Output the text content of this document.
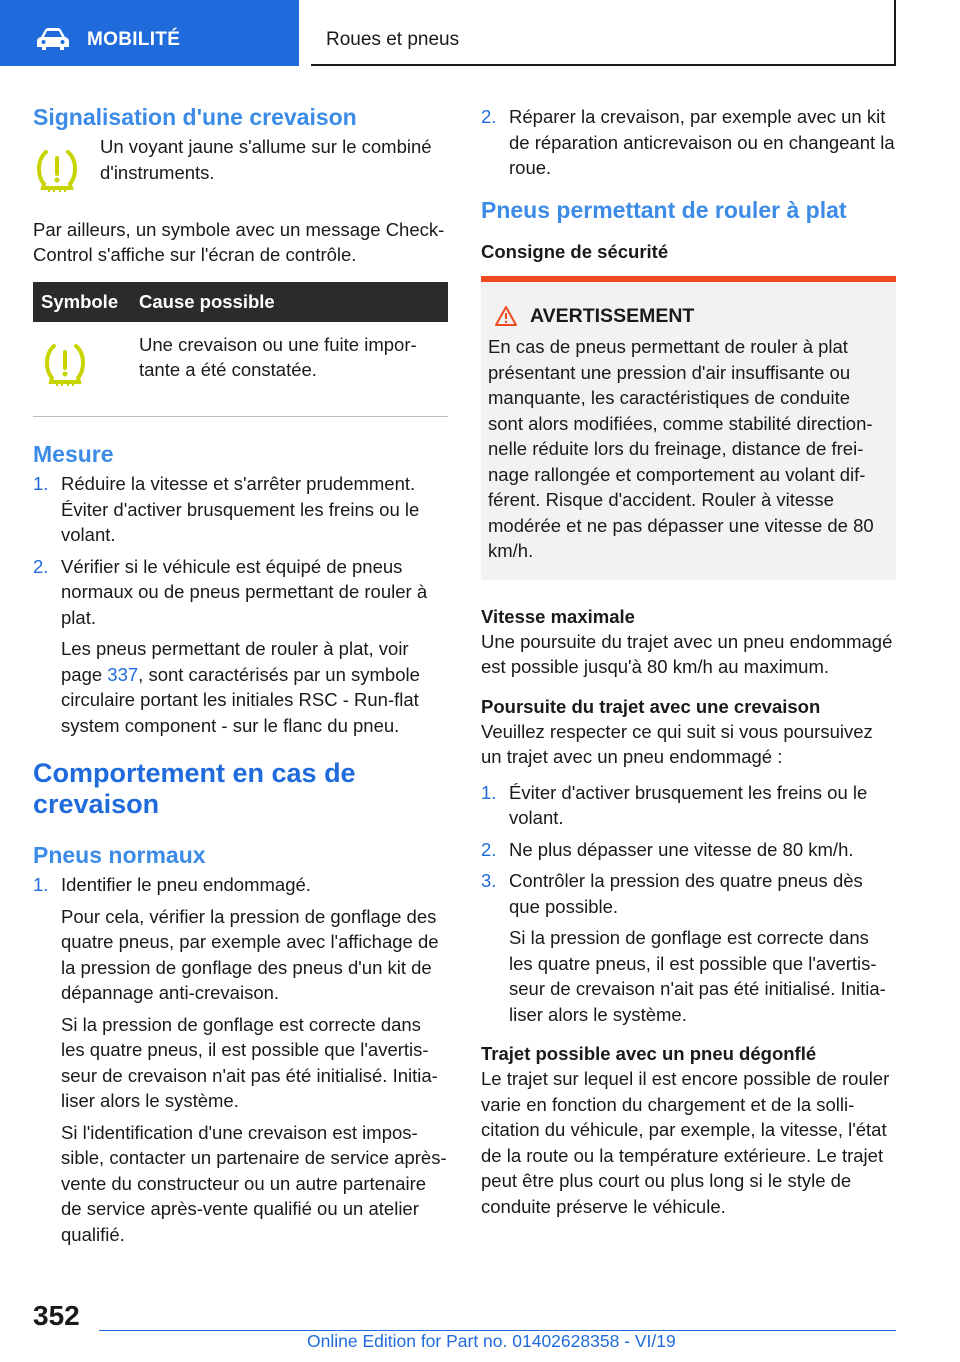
MOBILITÉ	Roues et pneus
Signalisation d'une crevaison

Un voyant jaune s'allume sur le combiné d'instruments.

Par ailleurs, un symbole avec un message Check-Control s'affiche sur l'écran de contrôle.

Symbole	Cause possible
	Une crevaison ou une fuite importante a été constatée.
Mesure
1. Réduire la vitesse et s'arrêter prudemment. Éviter d'activer brusquement les freins ou le volant.

2. Vérifier si le véhicule est équipé de pneus normaux ou de pneus permettant de rouler à plat.

Les pneus permettant de rouler à plat, voir page 337, sont caractérisés par un symbole circulaire portant les initiales RSC - Run-flat system component - sur le flanc du pneu.

Comportement en cas de crevaison
Pneus normaux
1. Identifier le pneu endommagé.

Pour cela, vérifier la pression de gonflage des quatre pneus, par exemple avec l'affichage de la pression de gonflage des pneus d'un kit de dépannage anti-crevaison.

Si la pression de gonflage est correcte dans les quatre pneus, il est possible que l'avertisseur de crevaison n'ait pas été initialisé. Initialiser alors le système.

Si l'identification d'une crevaison est impossible, contacter un partenaire de service après-vente du constructeur ou un autre partenaire de service après-vente qualifié ou un atelier qualifié.

2. Réparer la crevaison, par exemple avec un kit de réparation anticrevaison ou en changeant la roue.

Pneus permettant de rouler à plat
Consigne de sécurité
AVERTISSEMENT

En cas de pneus permettant de rouler à plat présentant une pression d'air insuffisante ou manquante, les caractéristiques de conduite sont alors modifiées, comme stabilité directionnelle réduite lors du freinage, distance de freinage rallongée et comportement au volant différent. Risque d'accident. Rouler à vitesse modérée et ne pas dépasser une vitesse de 80 km/h.

Vitesse maximale

Une poursuite du trajet avec un pneu endommagé est possible jusqu'à 80 km/h au maximum.

Poursuite du trajet avec une crevaison

Veuillez respecter ce qui suit si vous poursuivez un trajet avec un pneu endommagé :

1. Éviter d'activer brusquement les freins ou le volant.

2. Ne plus dépasser une vitesse de 80 km/h.

3. Contrôler la pression des quatre pneus dès que possible.

Si la pression de gonflage est correcte dans les quatre pneus, il est possible que l'avertisseur de crevaison n'ait pas été initialisé. Initialiser alors le système.

Trajet possible avec un pneu dégonflé

Le trajet sur lequel il est encore possible de rouler varie en fonction du chargement et de la sollicitation du véhicule, par exemple, la vitesse, l'état de la route ou la température extérieure. Le trajet peut être plus court ou plus long si le style de conduite préserve le véhicule.

352
Online Edition for Part no. 01402628358 - VI/19
